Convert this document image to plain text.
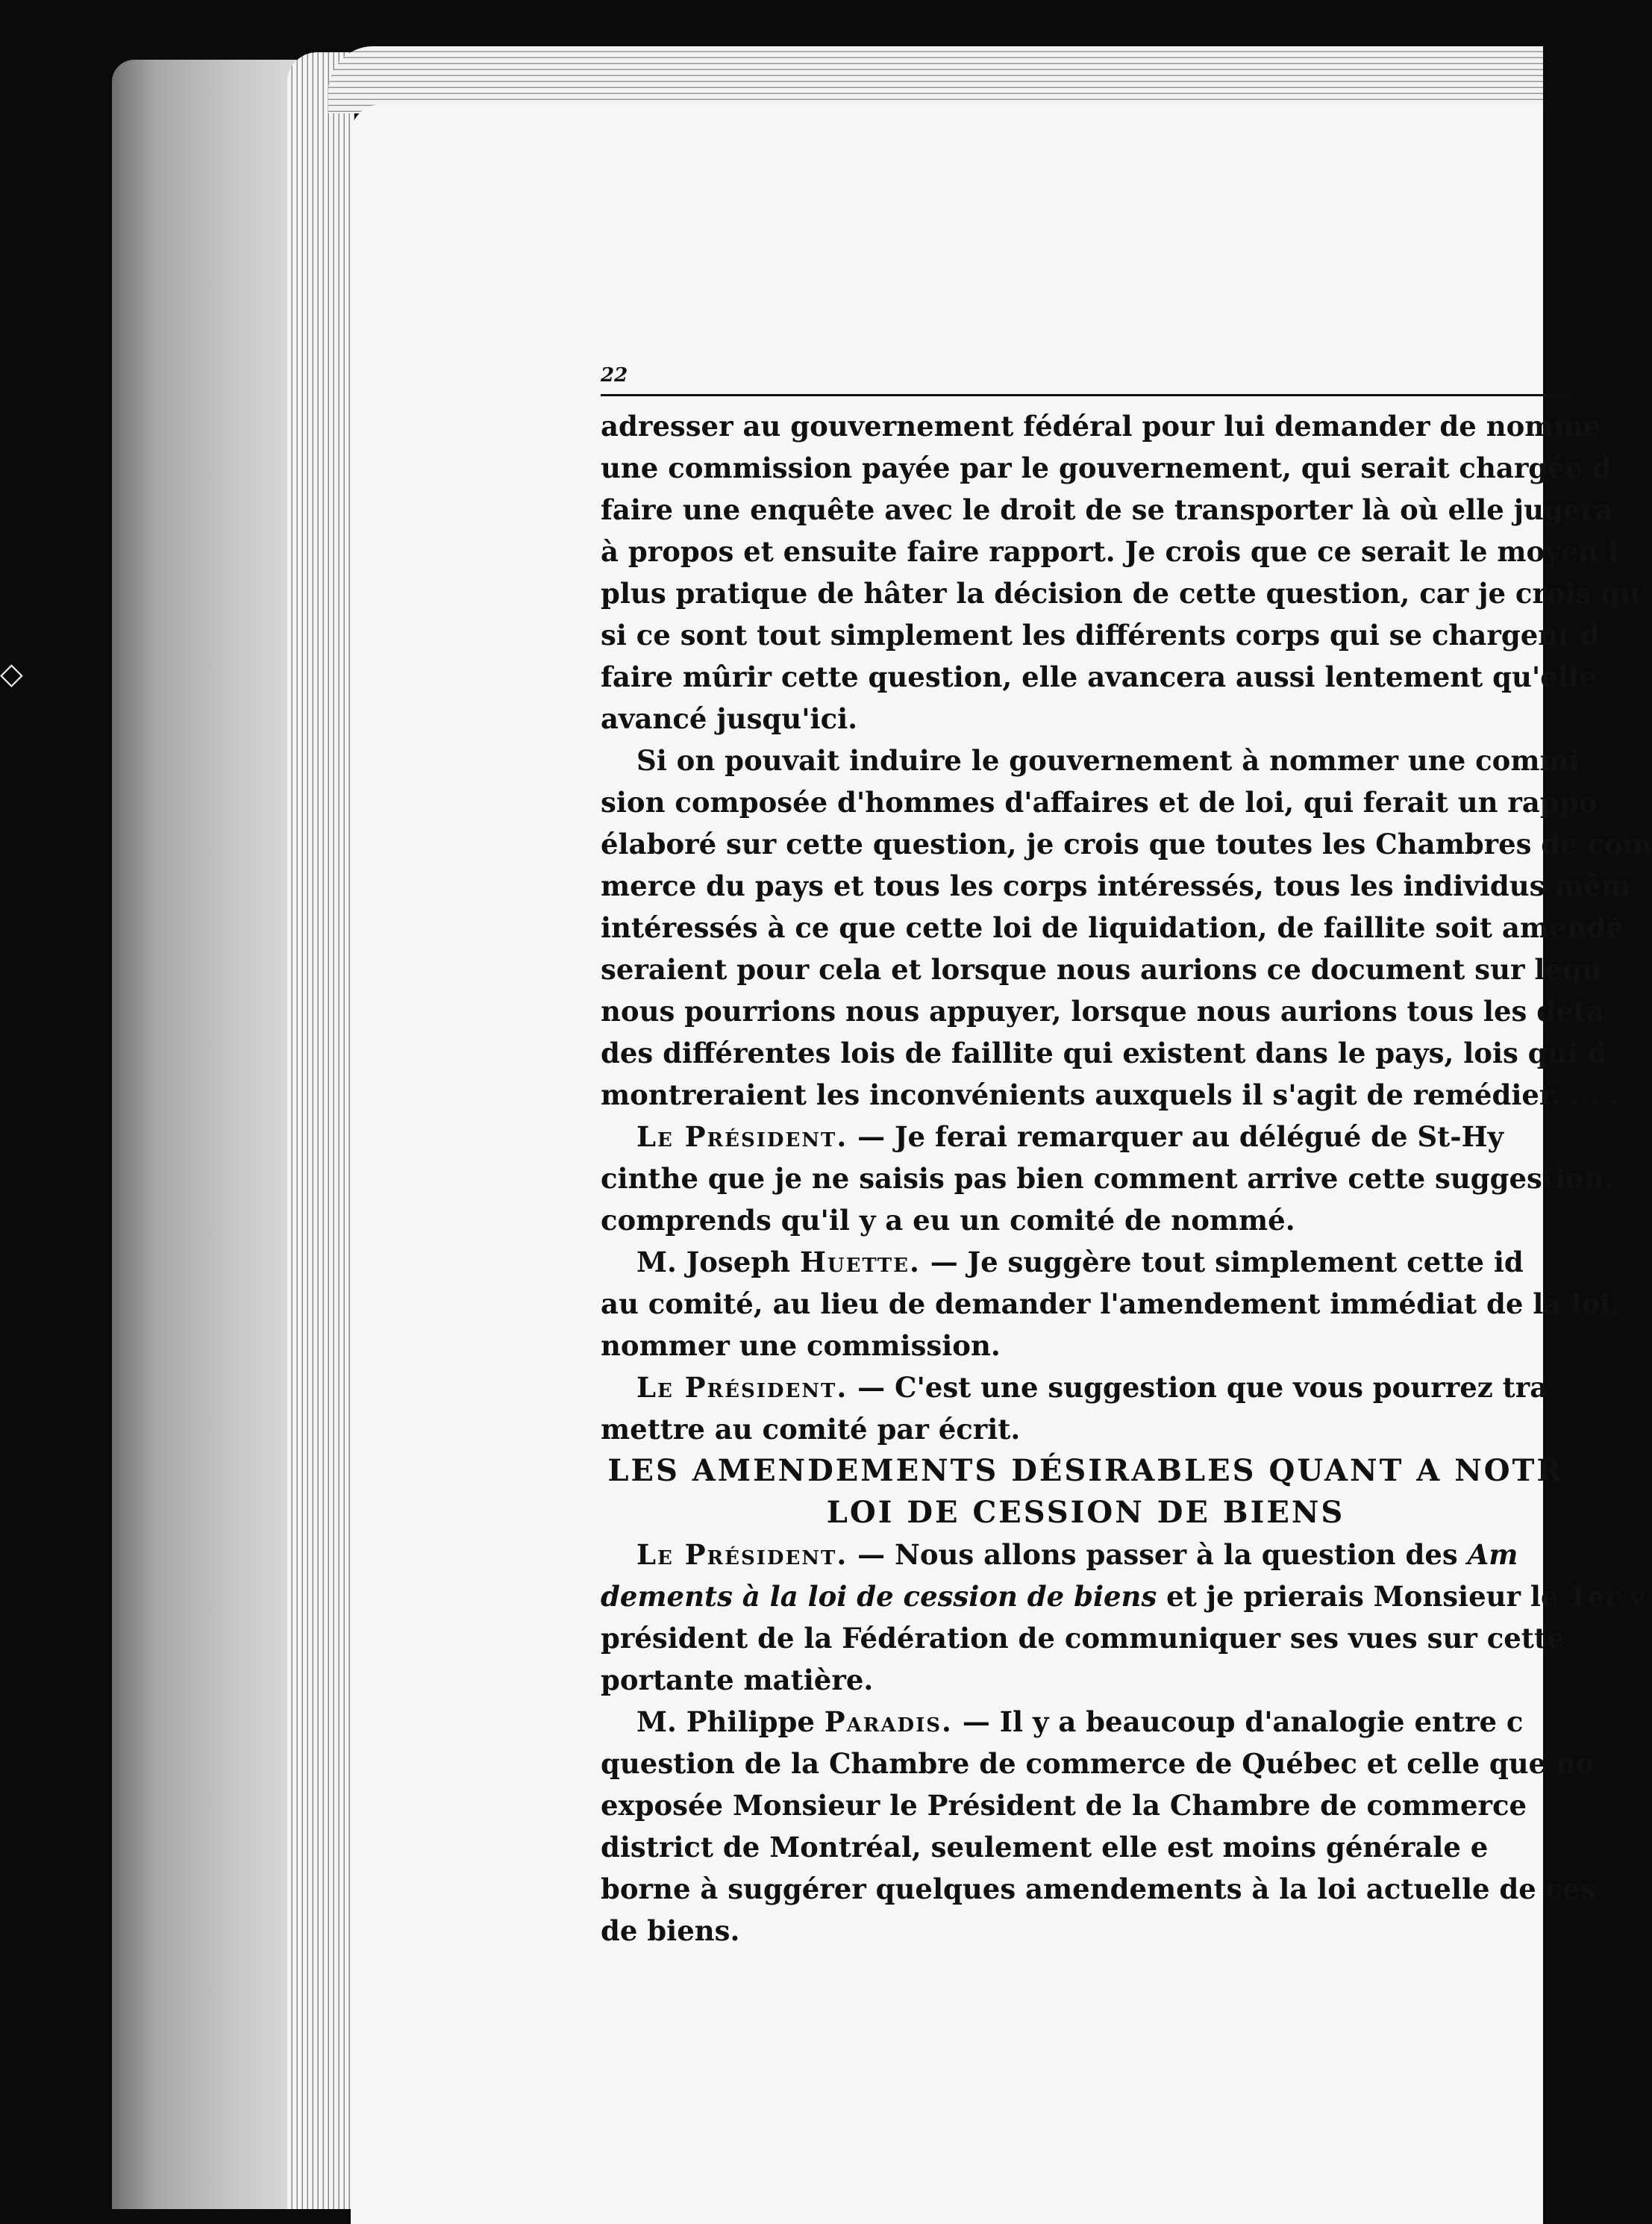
◇
22

adresser au gouvernement fédéral pour lui demander de nomme

une commission payée par le gouvernement, qui serait chargée d

faire une enquête avec le droit de se transporter là où elle jugera

à propos et ensuite faire rapport. Je crois que ce serait le moyen l

plus pratique de hâter la décision de cette question, car je crois qu

si ce sont tout simplement les différents corps qui se chargent d

faire mûrir cette question, elle avancera aussi lentement qu'elle

avancé jusqu'ici.

Si on pouvait induire le gouvernement à nommer une commi

sion composée d'hommes d'affaires et de loi, qui ferait un rappo

élaboré sur cette question, je crois que toutes les Chambres de com

merce du pays et tous les corps intéressés, tous les individus mêm

intéressés à ce que cette loi de liquidation, de faillite soit amendé

seraient pour cela et lorsque nous aurions ce document sur lequ

nous pourrions nous appuyer, lorsque nous aurions tous les déta

des différentes lois de faillite qui existent dans le pays, lois qui d

montreraient les inconvénients auxquels il s'agit de remédier. . . .

Le Président. — Je ferai remarquer au délégué de St-Hy

cinthe que je ne saisis pas bien comment arrive cette suggestion.

comprends qu'il y a eu un comité de nommé.

M. Joseph Huette. — Je suggère tout simplement cette id

au comité, au lieu de demander l'amendement immédiat de la loi,

nommer une commission.

Le Président. — C'est une suggestion que vous pourrez tra

mettre au comité par écrit.

LES AMENDEMENTS DÉSIRABLES QUANT A NOTR

LOI DE CESSION DE BIENS

Le Président. — Nous allons passer à la question des Am

dements à la loi de cession de biens et je prierais Monsieur le 1er v

président de la Fédération de communiquer ses vues sur cette

portante matière.

M. Philippe Paradis. — Il y a beaucoup d'analogie entre c

question de la Chambre de commerce de Québec et celle que no

exposée Monsieur le Président de la Chambre de commerce

district de Montréal, seulement elle est moins générale e

borne à suggérer quelques amendements à la loi actuelle de ces

de biens.
